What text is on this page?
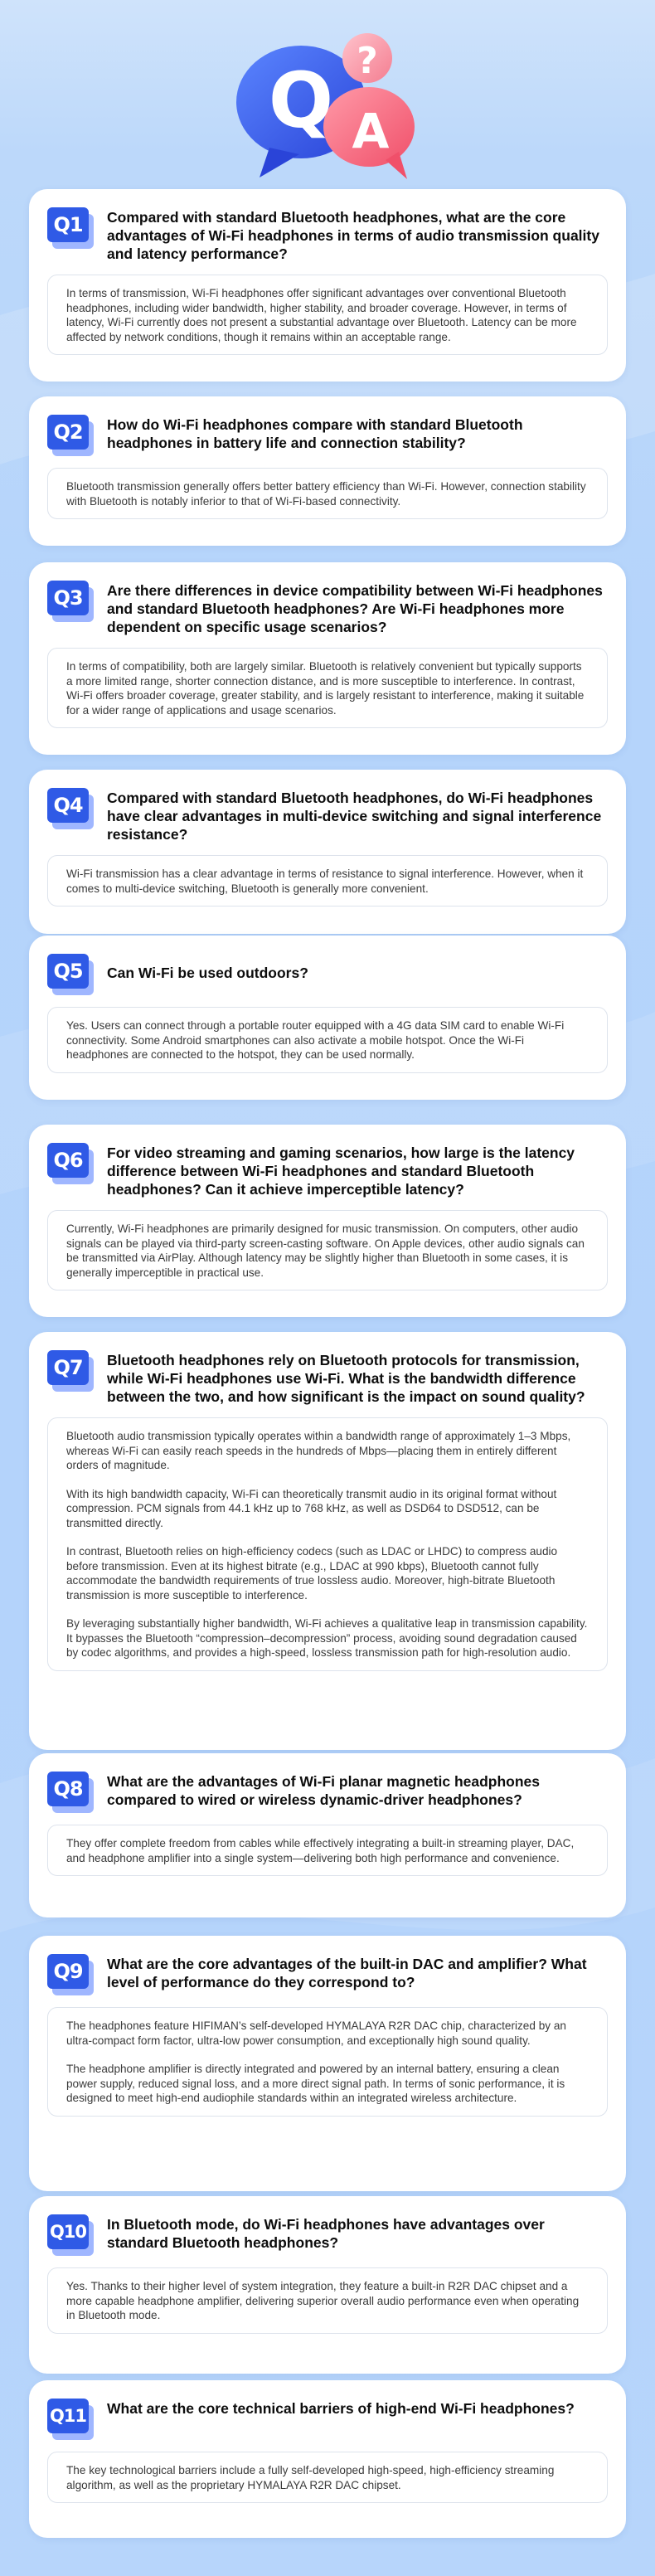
Q A
?
Q1	Compared with standard Bluetooth headphones, what are the core advantages of Wi-Fi headphones in terms of audio transmission quality and latency performance?

In terms of transmission, Wi-Fi headphones offer significant advantages over conventional Bluetooth headphones, including wider bandwidth, higher stability, and broader coverage. However, in terms of latency, Wi-Fi currently does not present a substantial advantage over Bluetooth. Latency can be more affected by network conditions, though it remains within an acceptable range.

Q2	How do Wi-Fi headphones compare with standard Bluetooth headphones in battery life and connection stability?

Bluetooth transmission generally offers better battery efficiency than Wi-Fi. However, connection stability with Bluetooth is notably inferior to that of Wi-Fi-based connectivity.

Q3	Are there differences in device compatibility between Wi-Fi headphones and standard Bluetooth headphones? Are Wi-Fi headphones more dependent on specific usage scenarios?

In terms of compatibility, both are largely similar. Bluetooth is relatively convenient but typically supports a more limited range, shorter connection distance, and is more susceptible to interference. In contrast, Wi-Fi offers broader coverage, greater stability, and is largely resistant to interference, making it suitable for a wider range of applications and usage scenarios.

Q4	Compared with standard Bluetooth headphones, do Wi-Fi headphones have clear advantages in multi-device switching and signal interference resistance?

Wi-Fi transmission has a clear advantage in terms of resistance to signal interference. However, when it comes to multi-device switching, Bluetooth is generally more convenient.

Q5	Can Wi-Fi be used outdoors?

Yes. Users can connect through a portable router equipped with a 4G data SIM card to enable Wi-Fi connectivity. Some Android smartphones can also activate a mobile hotspot. Once the Wi-Fi headphones are connected to the hotspot, they can be used normally.

Q6	For video streaming and gaming scenarios, how large is the latency difference between Wi-Fi headphones and standard Bluetooth headphones? Can it achieve imperceptible latency?

Currently, Wi-Fi headphones are primarily designed for music transmission. On computers, other audio signals can be played via third-party screen-casting software. On Apple devices, other audio signals can be transmitted via AirPlay. Although latency may be slightly higher than Bluetooth in some cases, it is generally imperceptible in practical use.

Q7	Bluetooth headphones rely on Bluetooth protocols for transmission, while Wi-Fi headphones use Wi-Fi. What is the bandwidth difference between the two, and how significant is the impact on sound quality?

Bluetooth audio transmission typically operates within a bandwidth range of approximately 1–3 Mbps, whereas Wi-Fi can easily reach speeds in the hundreds of Mbps—placing them in entirely different orders of magnitude.

With its high bandwidth capacity, Wi-Fi can theoretically transmit audio in its original format without compression. PCM signals from 44.1 kHz up to 768 kHz, as well as DSD64 to DSD512, can be transmitted directly.

In contrast, Bluetooth relies on high-efficiency codecs (such as LDAC or LHDC) to compress audio before transmission. Even at its highest bitrate (e.g., LDAC at 990 kbps), Bluetooth cannot fully accommodate the bandwidth requirements of true lossless audio. Moreover, high-bitrate Bluetooth transmission is more susceptible to interference.

By leveraging substantially higher bandwidth, Wi-Fi achieves a qualitative leap in transmission capability. It bypasses the Bluetooth “compression–decompression” process, avoiding sound degradation caused by codec algorithms, and provides a high-speed, lossless transmission path for high-resolution audio.

Q8	What are the advantages of Wi-Fi planar magnetic headphones compared to wired or wireless dynamic-driver headphones?

They offer complete freedom from cables while effectively integrating a built-in streaming player, DAC, and headphone amplifier into a single system—delivering both high performance and convenience.

Q9	What are the core advantages of the built-in DAC and amplifier? What level of performance do they correspond to?

The headphones feature HIFIMAN’s self-developed HYMALAYA R2R DAC chip, characterized by an ultra-compact form factor, ultra-low power consumption, and exceptionally high sound quality.

The headphone amplifier is directly integrated and powered by an internal battery, ensuring a clean power supply, reduced signal loss, and a more direct signal path. In terms of sonic performance, it is designed to meet high-end audiophile standards within an integrated wireless architecture.

Q10 In Bluetooth mode, do Wi-Fi headphones have advantages over standard Bluetooth headphones?

Yes. Thanks to their higher level of system integration, they feature a built-in R2R DAC chipset and a more capable headphone amplifier, delivering superior overall audio performance even when operating in Bluetooth mode.

Q11 What are the core technical barriers of high-end Wi-Fi headphones?

The key technological barriers include a fully self-developed high-speed, high-efficiency streaming algorithm, as well as the proprietary HYMALAYA R2R DAC chipset.
